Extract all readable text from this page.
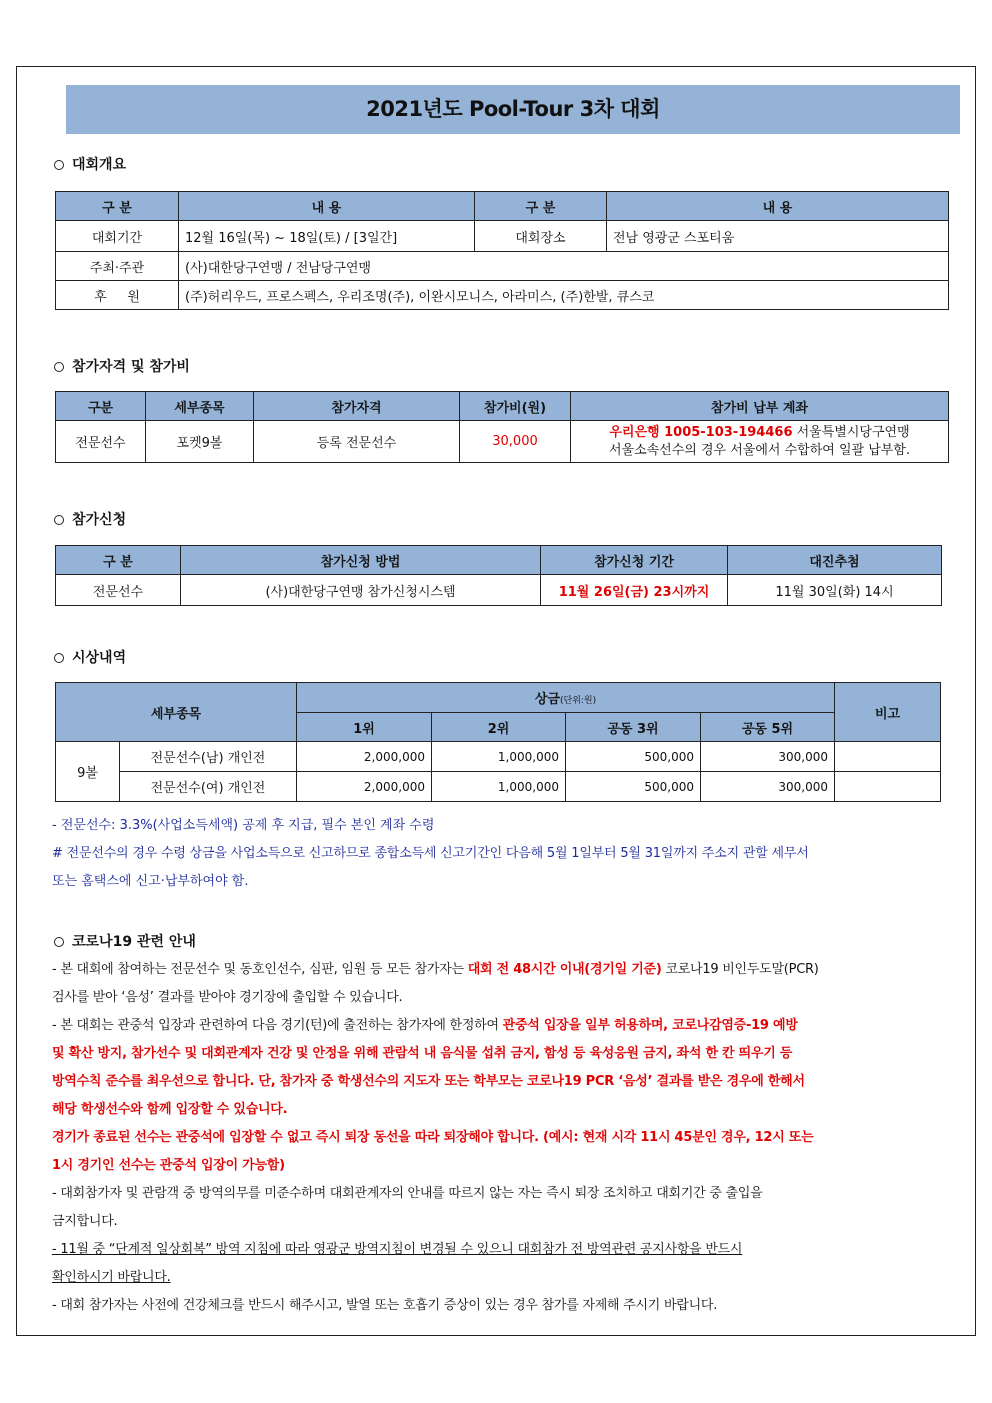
2021년도 Pool-Tour 3차 대회
대회개요
구 분	내 용	구 분	내 용
대회기간	12월 16일(목) ~ 18일(토) / [3일간]	대회장소	전남 영광군 스포티움
주최·주관	(사)대한당구연맹 / 전남당구연맹		
후     원	(주)허리우드, 프로스펙스, 우리조명(주), 이완시모니스, 아라미스, (주)한발, 큐스코		
참가자격 및 참가비
구분	세부종목	참가자격	참가비(원)	참가비 납부 계좌
전문선수	포켓9볼	등록 전문선수	30,000	우리은행 1005-103-194466 서울특별시당구연맹
서울소속선수의 경우 서울에서 수합하여 일괄 납부함.
참가신청
구 분	참가신청 방법	참가신청 기간	대진추첨
전문선수	(사)대한당구연맹 참가신청시스템	11월 26일(금) 23시까지	11월 30일(화) 14시
시상내역
세부종목		상금(단위:원)				비고
		1위	2위	공동 3위	공동 5위	
9볼	전문선수(남) 개인전	2,000,000	1,000,000	500,000	300,000	
	전문선수(여) 개인전	2,000,000	1,000,000	500,000	300,000	
- 전문선수: 3.3%(사업소득세액) 공제 후 지급, 필수 본인 계좌 수령
# 전문선수의 경우 수령 상금을 사업소득으로 신고하므로 종합소득세 신고기간인 다음해 5월 1일부터 5월 31일까지 주소지 관할 세무서
또는 홈택스에 신고·납부하여야 함.
코로나19 관련 안내
- 본 대회에 참여하는 전문선수 및 동호인선수, 심판, 임원 등 모든 참가자는 대회 전 48시간 이내(경기일 기준) 코로나19 비인두도말(PCR)
검사를 받아 ‘음성’ 결과를 받아야 경기장에 출입할 수 있습니다.
- 본 대회는 관중석 입장과 관련하여 다음 경기(턴)에 출전하는 참가자에 한정하여 관중석 입장을 일부 허용하며, 코로나감염증-19 예방
및 확산 방지, 참가선수 및 대회관계자 건강 및 안정을 위해 관람석 내 음식물 섭취 금지, 함성 등 육성응원 금지, 좌석 한 칸 띄우기 등
방역수칙 준수를 최우선으로 합니다. 단, 참가자 중 학생선수의 지도자 또는 학부모는 코로나19 PCR ‘음성’ 결과를 받은 경우에 한해서
해당 학생선수와 함께 입장할 수 있습니다.
경기가 종료된 선수는 관중석에 입장할 수 없고 즉시 퇴장 동선을 따라 퇴장해야 합니다. (예시: 현재 시각 11시 45분인 경우, 12시 또는
1시 경기인 선수는 관중석 입장이 가능함)
- 대회참가자 및 관람객 중 방역의무를 미준수하며 대회관계자의 안내를 따르지 않는 자는 즉시 퇴장 조치하고 대회기간 중 출입을
금지합니다.
- 11월 중 “단계적 일상회복” 방역 지침에 따라 영광군 방역지침이 변경될 수 있으니 대회참가 전 방역관련 공지사항을 반드시
확인하시기 바랍니다.
- 대회 참가자는 사전에 건강체크를 반드시 해주시고, 발열 또는 호흡기 증상이 있는 경우 참가를 자제해 주시기 바랍니다.
